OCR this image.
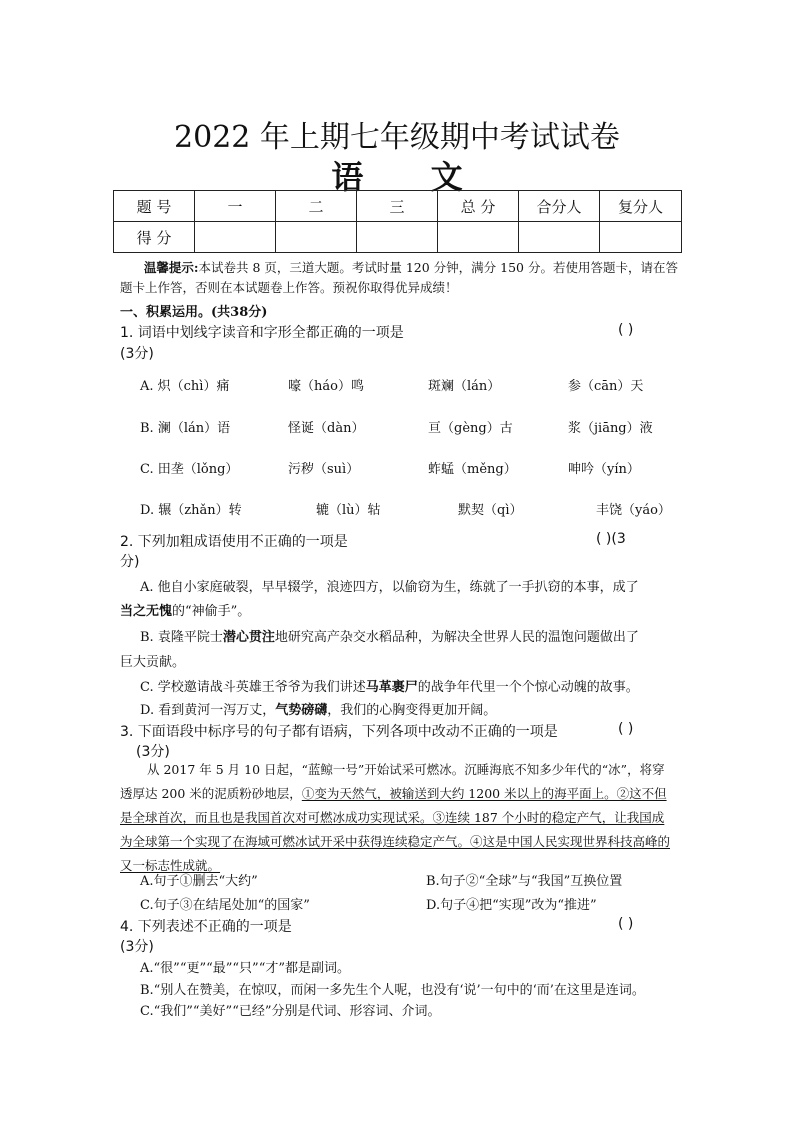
2022 年上期七年级期中考试试卷
语 文
题 号	一	二	三	总 分	合分人	复分人
得 分						
温馨提示:本试卷共 8 页，三道大题。考试时量 120 分钟，满分 150 分。若使用答题卡，请在答题卡上作答，否则在本试题卷上作答。预祝你取得优异成绩！
一、积累运用。(共38分)
1. 词语中划线字读音和字形全都正确的一项是	( )
(3分)
A. 炽（chì）痛	嚎（háo）鸣	斑斓（lán）	参（cān）天
B. 澜（lán）语	怪诞（dàn）	亘（gèng）古	浆（jiāng）液
C. 田垄（lǒng）	污秽（suì）	蚱蜢（měng）	呻吟（yín）
D. 辗（zhǎn）转	辘（lù）轱	默契（qì）	丰饶（yáo）
2. 下列加粗成语使用不正确的一项是	( )(3
分)
A. 他自小家庭破裂，早早辍学，浪迹四方，以偷窃为生，练就了一手扒窃的本事，成了
当之无愧的“神偷手”。
B. 袁隆平院士潜心贯注地研究高产杂交水稻品种，为解决全世界人民的温饱问题做出了
巨大贡献。
C. 学校邀请战斗英雄王爷爷为我们讲述马革裹尸的战争年代里一个个惊心动魄的故事。
D. 看到黄河一泻万丈，气势磅礴，我们的心胸变得更加开阔。
3. 下面语段中标序号的句子都有语病，下列各项中改动不正确的一项是	( )
(3分)
从 2017 年 5 月 10 日起，“蓝鲸一号”开始试采可燃冰。沉睡海底不知多少年代的“冰”，将穿透厚达 200 米的泥质粉砂地层，①变为天然气，被输送到大约 1200 米以上的海平面上。②这不但是全球首次，而且也是我国首次对可燃冰成功实现试采。③连续 187 个小时的稳定产气，让我国成为全球第一个实现了在海域可燃冰试开采中获得连续稳定产气。④这是中国人民实现世界科技高峰的又一标志性成就。
A.句子①删去“大约”	B.句子②“全球”与“我国”互换位置
C.句子③在结尾处加“的国家”	D.句子④把“实现”改为“推进”
4. 下列表述不正确的一项是	( )
(3分)
A.“很”“更”“最”“只”“才”都是副词。
B.“别人在赞美，在惊叹，而闲一多先生个人呢，也没有‘说’一句中的‘而’在这里是连词。
C.“我们”“美好”“已经”分别是代词、形容词、介词。
